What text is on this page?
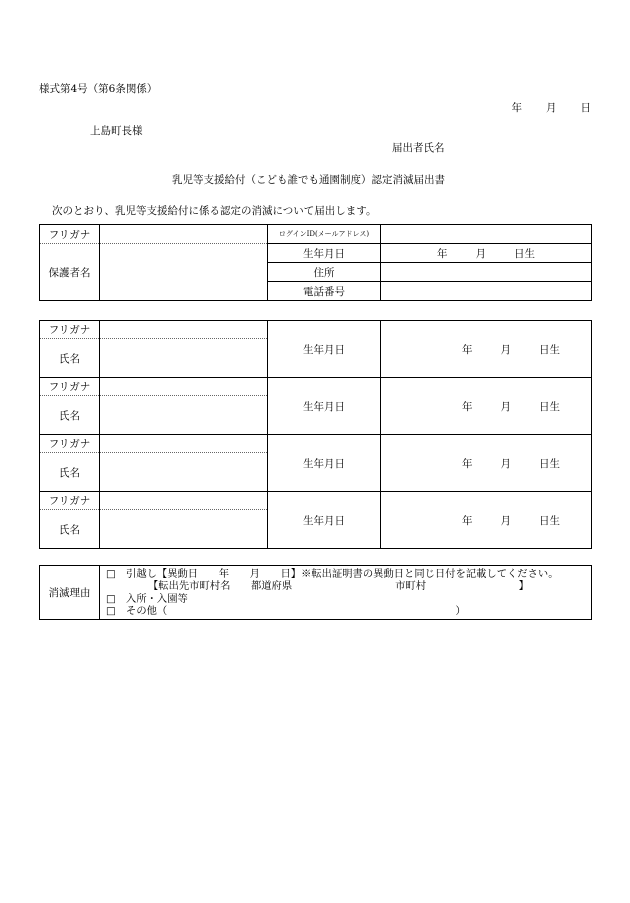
様式第4号（第6条関係）
年 月 日
上島町長様
届出者氏名
乳児等支援給付（こども誰でも通園制度）認定消滅届出書
次のとおり、乳児等支援給付に係る認定の消滅について届出します。
フリガナ		ログインID(メールアドレス)	
保護者名		生年月日	年 月 日生

		住所	
		電話番号	
フリガナ		生年月日	年 月 日生

氏名			
フリガナ		生年月日	年 月 日生

氏名			
フリガナ		生年月日	年 月 日生

氏名			
フリガナ		生年月日	年 月 日生

氏名			
消滅理由	
□　 引越し【異動日　　年　　月　　日】※転出証明書の異動日と同じ日付を記載してください。
【転出先市町村名　　都道府県　　　　　　　　　　市町村　　　　　　　　　】
□　 入所・入園等
□　 その他（　　　　　　　　　　　　　　　　　　　　　　　　　　　　）
